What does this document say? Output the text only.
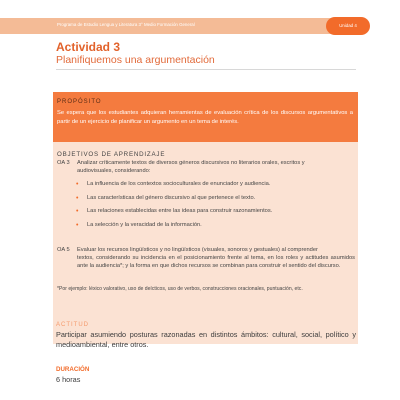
Programa de Estudio Lengua y Literatura 3° Medio Formación General	Unidad 4
Actividad 3
Planifiquemos una argumentación
PROPÓSITO
Se espera que los estudiantes adquieran herramientas de evaluación crítica de los discursos argumentativos a partir de un ejercicio de planificar un argumento en un tema de interés.
OBJETIVOS DE APRENDIZAJE
OA 3 Analizar críticamente textos de diversos géneros discursivos no literarios orales, escritos y
audiovisuales, considerando:
• La influencia de los contextos socioculturales de enunciador y audiencia.
• Las características del género discursivo al que pertenece el texto.
• Las relaciones establecidas entre las ideas para construir razonamientos.
• La selección y la veracidad de la información.
OA 5 Evaluar los recursos lingüísticos y no lingüísticos (visuales, sonoros y gestuales) al comprender
textos, considerando su incidencia en el posicionamiento frente al tema, en los roles y actitudes asumidos ante la audiencia*; y la forma en que dichos recursos se combinan para construir el sentido del discurso.
*Por ejemplo: léxico valorativo, uso de deícticos, uso de verbos, construcciones oracionales, puntuación, etc.
ACTITUD
Participar asumiendo posturas razonadas en distintos ámbitos: cultural, social, político y medioambiental, entre otros.
DURACIÓN
6 horas
